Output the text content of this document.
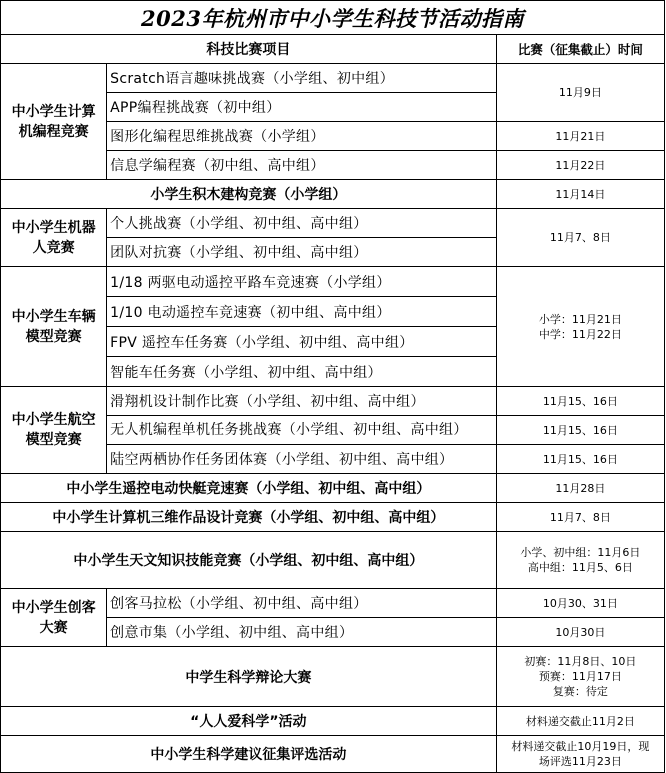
2023年杭州市中小学生科技节活动指南		
科技比赛项目		比赛（征集截止）时间
中小学生计算机编程竞赛	Scratch语言趣味挑战赛（小学组、初中组）	11月9日
	APP编程挑战赛（初中组）	
	图形化编程思维挑战赛（小学组）	11月21日
	信息学编程赛（初中组、高中组）	11月22日
小学生积木建构竞赛（小学组）		11月14日
中小学生机器人竞赛	个人挑战赛（小学组、初中组、高中组）	11月7、8日
	团队对抗赛（小学组、初中组、高中组）	
中小学生车辆模型竞赛	1/18 两驱电动遥控平路车竞速赛（小学组）	小学：11月21日
中学：11月22日

	1/10 电动遥控车竞速赛（初中组、高中组）	
	FPV 遥控车任务赛（小学组、初中组、高中组）	
	智能车任务赛（小学组、初中组、高中组）	
中小学生航空模型竞赛	滑翔机设计制作比赛（小学组、初中组、高中组）	11月15、16日
	无人机编程单机任务挑战赛（小学组、初中组、高中组）	11月15、16日
	陆空两栖协作任务团体赛（小学组、初中组、高中组）	11月15、16日
中小学生遥控电动快艇竞速赛（小学组、初中组、高中组）		11月28日
中小学生计算机三维作品设计竞赛（小学组、初中组、高中组）		11月7、8日
中小学生天文知识技能竞赛（小学组、初中组、高中组）		小学、初中组：11月6日
高中组：11月5、6日

中小学生创客大赛	创客马拉松（小学组、初中组、高中组）	10月30、31日
	创意市集（小学组、初中组、高中组）	10月30日
中学生科学辩论大赛		初赛：11月8日、10日
预赛：11月17日
复赛：待定

“人人爱科学”活动		材料递交截止11月2日
中小学生科学建议征集评选活动		材料递交截止10月19日，现
场评选11月23日
